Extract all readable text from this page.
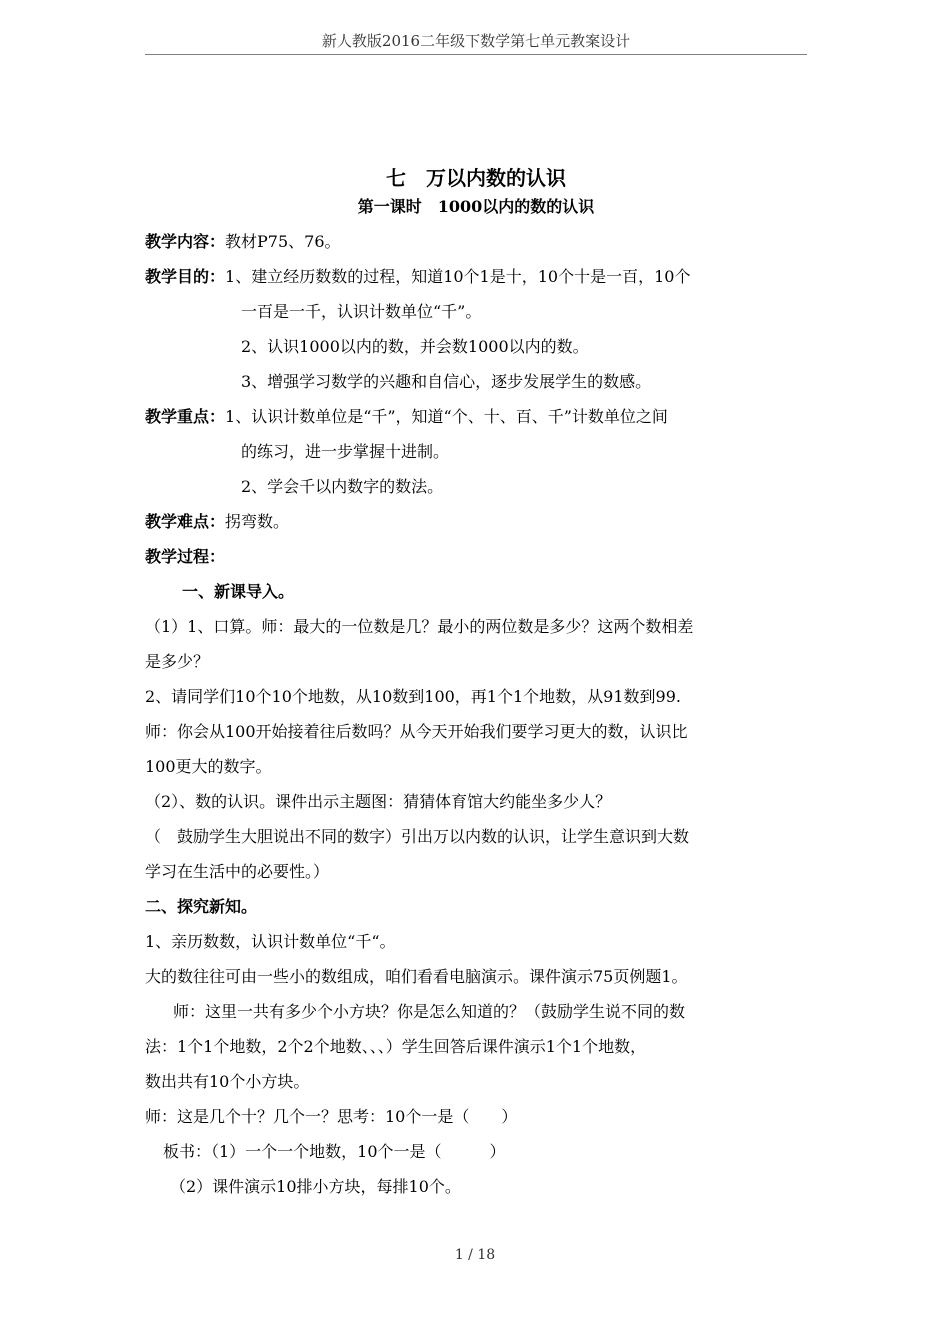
新人教版2016二年级下数学第七单元教案设计
七　万以内数的认识
第一课时　1000以内的数的认识
教学内容：教材P75、76。
教学目的：1、建立经历数数的过程，知道10个1是十，10个十是一百，10个
一百是一千，认识计数单位“千”。
2、认识1000以内的数，并会数1000以内的数。
3、增强学习数学的兴趣和自信心，逐步发展学生的数感。
教学重点：1、认识计数单位是“千”，知道“个、十、百、千”计数单位之间
的练习，进一步掌握十进制。
2、学会千以内数字的数法。
教学难点：拐弯数。
教学过程：
一、新课导入。
（1）1、口算。师：最大的一位数是几？最小的两位数是多少？这两个数相差
是多少？
2、请同学们10个10个地数，从10数到100，再1个1个地数，从91数到99.
师：你会从100开始接着往后数吗？从今天开始我们要学习更大的数，认识比
100更大的数字。
（2）、数的认识。课件出示主题图：猜猜体育馆大约能坐多少人？
（　鼓励学生大胆说出不同的数字）引出万以内数的认识，让学生意识到大数
学习在生活中的必要性。）
二、探究新知。
1、亲历数数，认识计数单位“千“。
大的数往往可由一些小的数组成，咱们看看电脑演示。课件演示75页例题1。
师：这里一共有多少个小方块？你是怎么知道的？（鼓励学生说不同的数
法：1个1个地数，2个2个地数、、、）学生回答后课件演示1个1个地数，
数出共有10个小方块。
师：这是几个十？几个一？思考：10个一是（　　）
板书：（1）一个一个地数，10个一是（　　　）
（2）课件演示10排小方块，每排10个。
1 / 18
